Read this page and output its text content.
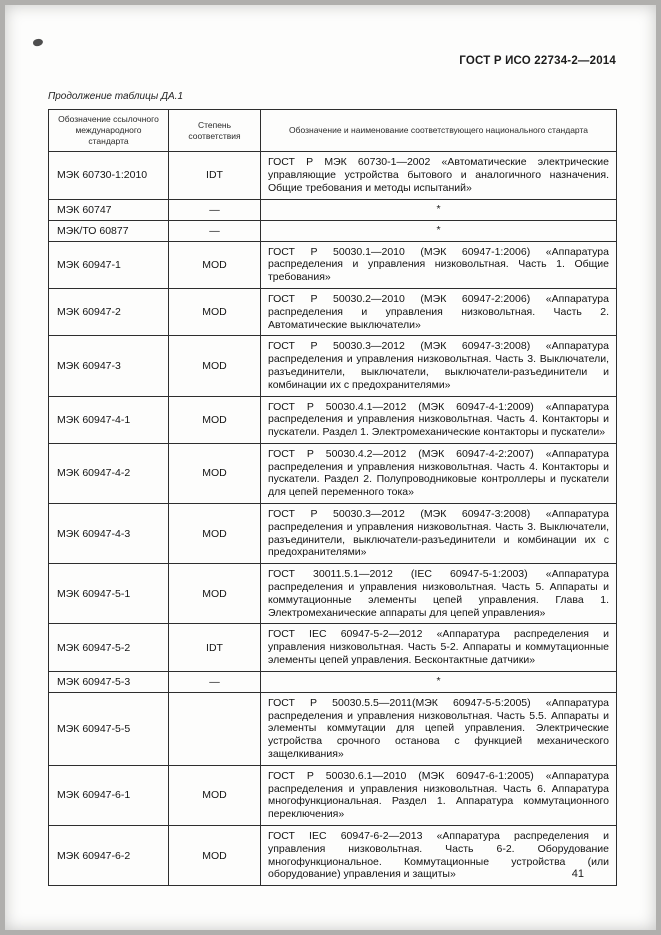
ГОСТ Р ИСО 22734-2—2014
Продолжение таблицы ДА.1
Обозначение ссылочного международного стандарта	Степень соответствия	Обозначение и наименование соответствующего национального стандарта
МЭК 60730-1:2010	IDT	ГОСТ Р МЭК 60730-1—2002 «Автоматические электрические управляющие устройства бытового и аналогичного назначения. Общие требования и методы испытаний»
МЭК 60747	—	*
МЭК/ТО 60877	—	*
МЭК 60947-1	MOD	ГОСТ Р 50030.1—2010 (МЭК 60947-1:2006) «Аппаратура распределения и управления низковольтная. Часть 1. Общие требования»
МЭК 60947-2	MOD	ГОСТ Р 50030.2—2010 (МЭК 60947-2:2006) «Аппаратура распределения и управления низковольтная. Часть 2. Автоматические выключатели»
МЭК 60947-3	MOD	ГОСТ Р 50030.3—2012 (МЭК 60947-3:2008) «Аппаратура распределения и управления низковольтная. Часть 3. Выключатели, разъединители, выключатели, выключатели-разъединители и комбинации их с предохранителями»
МЭК 60947-4-1	MOD	ГОСТ Р 50030.4.1—2012 (МЭК 60947-4-1:2009) «Аппаратура распределения и управления низковольтная. Часть 4. Контакторы и пускатели. Раздел 1. Электромеханические контакторы и пускатели»
МЭК 60947-4-2	MOD	ГОСТ Р 50030.4.2—2012 (МЭК 60947-4-2:2007) «Аппаратура распределения и управления низковольтная. Часть 4. Контакторы и пускатели. Раздел 2. Полупроводниковые контроллеры и пускатели для цепей переменного тока»
МЭК 60947-4-3	MOD	ГОСТ Р 50030.3—2012 (МЭК 60947-3:2008) «Аппаратура распределения и управления низковольтная. Часть 3. Выключатели, разъединители, выключатели-разъединители и комбинации их с предохранителями»
МЭК 60947-5-1	MOD	ГОСТ 30011.5.1—2012 (IEC 60947-5-1:2003) «Аппаратура распределения и управления низковольтная. Часть 5. Аппараты и коммутационные элементы цепей управления. Глава 1. Электромеханические аппараты для цепей управления»
МЭК 60947-5-2	IDT	ГОСТ IEC 60947-5-2—2012 «Аппаратура распределения и управления низковольтная. Часть 5-2. Аппараты и коммутационные элементы цепей управления. Бесконтактные датчики»
МЭК 60947-5-3	—	*
МЭК 60947-5-5		ГОСТ Р 50030.5.5—2011(МЭК 60947-5-5:2005) «Аппаратура распределения и управления низковольтная. Часть 5.5. Аппараты и элементы коммутации для цепей управления. Электрические устройства срочного останова с функцией механического защелкивания»
МЭК 60947-6-1	MOD	ГОСТ Р 50030.6.1—2010 (МЭК 60947-6-1:2005) «Аппаратура распределения и управления низковольтная. Часть 6. Аппаратура многофункциональная. Раздел 1. Аппаратура коммутационного переключения»
МЭК 60947-6-2	MOD	ГОСТ IEC 60947-6-2—2013 «Аппаратура распределения и управления низковольтная. Часть 6-2. Оборудование многофункциональное. Коммутационные устройства (или оборудование) управления и защиты»	41
